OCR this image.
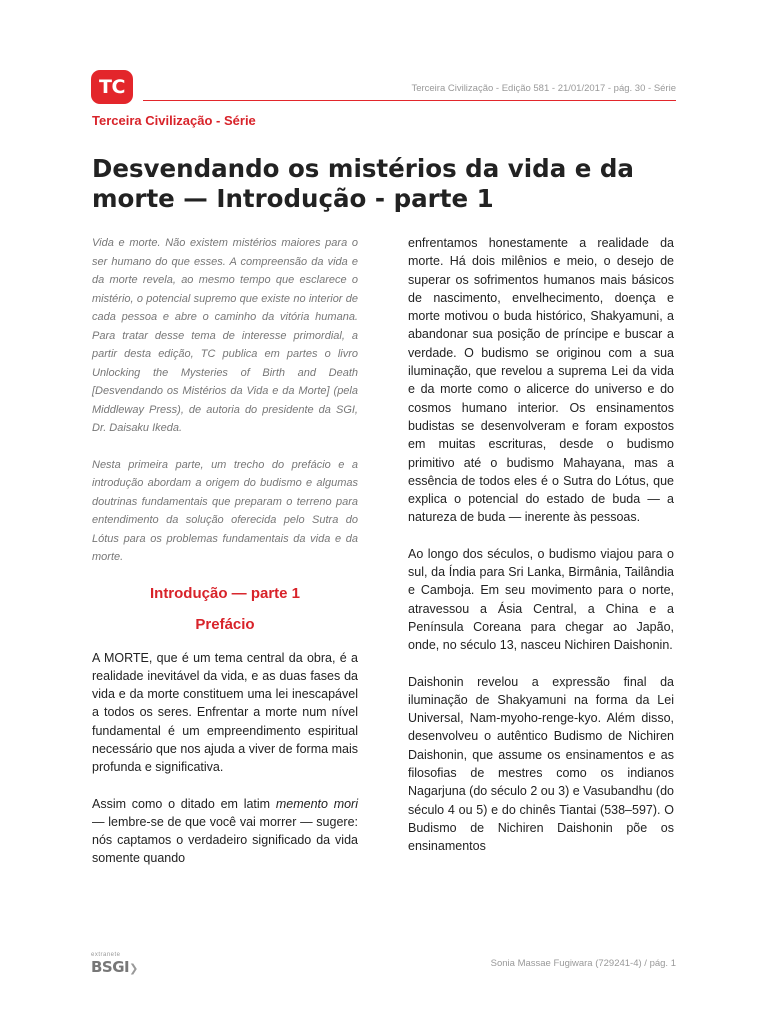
TC	Terceira Civilização - Edição 581 - 21/01/2017 - pág. 30 - Série
Terceira Civilização - Série
Desvendando os mistérios da vida e da morte — Introdução - parte 1

Vida e morte. Não existem mistérios maiores para o ser humano do que esses. A compreensão da vida e da morte revela, ao mesmo tempo que esclarece o mistério, o potencial supremo que existe no interior de cada pessoa e abre o caminho da vitória humana. Para tratar desse tema de interesse primordial, a partir desta edição, TC publica em partes o livro Unlocking the Mysteries of Birth and Death [Desvendando os Mistérios da Vida e da Morte] (pela Middleway Press), de autoria do presidente da SGI, Dr. Daisaku Ikeda.

Nesta primeira parte, um trecho do prefácio e a introdução abordam a origem do budismo e algumas doutrinas fundamentais que preparam o terreno para entendimento da solução oferecida pelo Sutra do Lótus para os problemas fundamentais da vida e da morte.

Introdução — parte 1

Prefácio

A MORTE, que é um tema central da obra, é a realidade inevitável da vida, e as duas fases da vida e da morte constituem uma lei inescapável a todos os seres. Enfrentar a morte num nível fundamental é um empreendimento espiritual necessário que nos ajuda a viver de forma mais profunda e significativa.

Assim como o ditado em latim memento mori — lembre-se de que você vai morrer — sugere: nós captamos o verdadeiro significado da vida somente quando

enfrentamos honestamente a realidade da morte. Há dois milênios e meio, o desejo de superar os sofrimentos humanos mais básicos de nascimento, envelhecimento, doença e morte motivou o buda histórico, Shakyamuni, a abandonar sua posição de príncipe e buscar a verdade. O budismo se originou com a sua iluminação, que revelou a suprema Lei da vida e da morte como o alicerce do universo e do cosmos humano interior. Os ensinamentos budistas se desenvolveram e foram expostos em muitas escrituras, desde o budismo primitivo até o budismo Mahayana, mas a essência de todos eles é o Sutra do Lótus, que explica o potencial do estado de buda — a natureza de buda — inerente às pessoas.

Ao longo dos séculos, o budismo viajou para o sul, da Índia para Sri Lanka, Birmânia, Tailândia e Camboja. Em seu movimento para o norte, atravessou a Ásia Central, a China e a Península Coreana para chegar ao Japão, onde, no século 13, nasceu Nichiren Daishonin.

Daishonin revelou a expressão final da iluminação de Shakyamuni na forma da Lei Universal, Nam-myoho-renge-kyo. Além disso, desenvolveu o autêntico Budismo de Nichiren Daishonin, que assume os ensinamentos e as filosofias de mestres como os indianos Nagarjuna (do século 2 ou 3) e Vasubandhu (do século 4 ou 5) e do chinês Tiantai (538–597). O Budismo de Nichiren Daishonin põe os ensinamentos

extranete
BSGI❯	Sonia Massae Fugiwara (729241-4) / pág. 1
